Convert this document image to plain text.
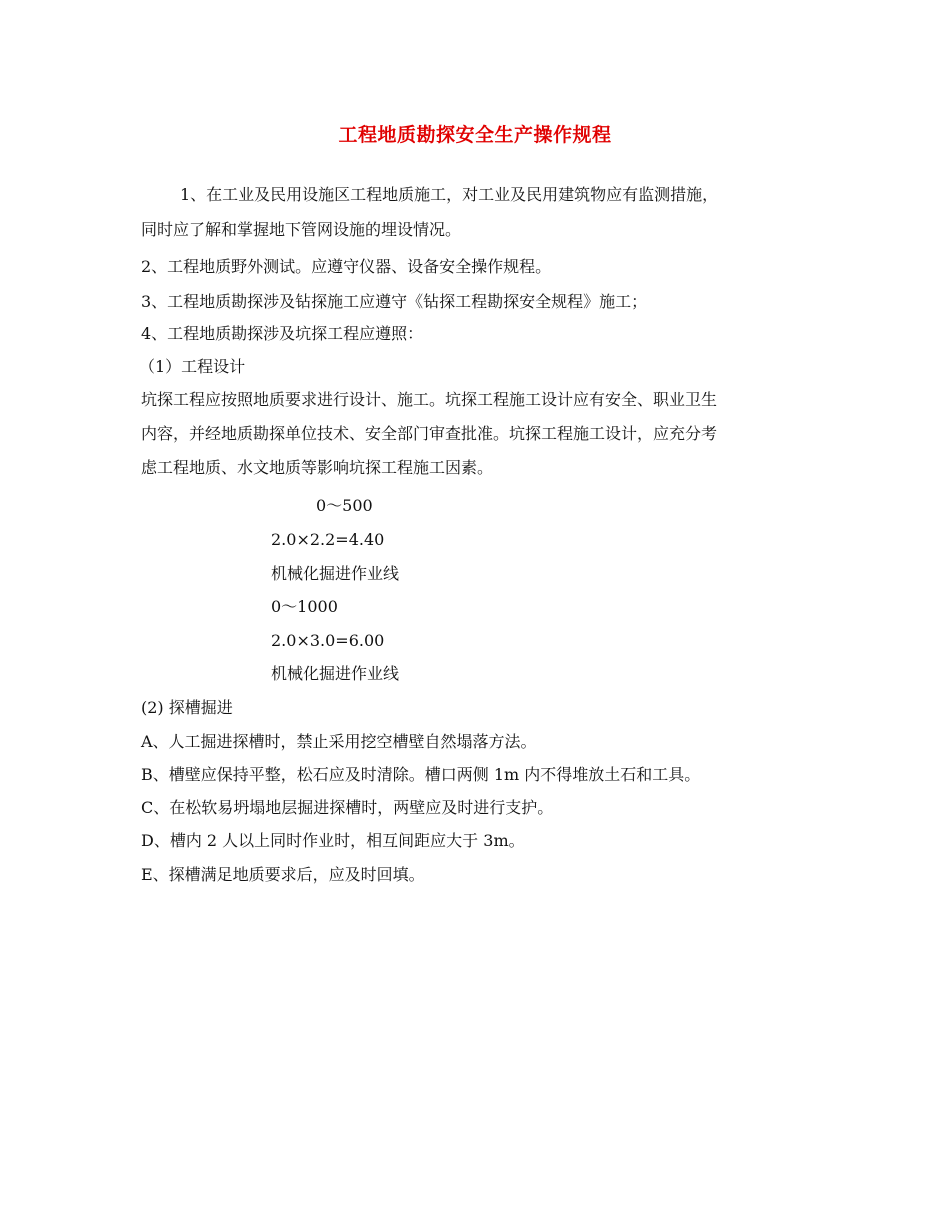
工程地质勘探安全生产操作规程
1、在工业及民用设施区工程地质施工，对工业及民用建筑物应有监测措施，
同时应了解和掌握地下管网设施的埋设情况。
2、工程地质野外测试。应遵守仪器、设备安全操作规程。
3、工程地质勘探涉及钻探施工应遵守《钻探工程勘探安全规程》施工；
4、工程地质勘探涉及坑探工程应遵照：
（1）工程设计
坑探工程应按照地质要求进行设计、施工。坑探工程施工设计应有安全、职业卫生
内容，并经地质勘探单位技术、安全部门审查批准。坑探工程施工设计，应充分考
虑工程地质、水文地质等影响坑探工程施工因素。
0～500
2.0×2.2=4.40
机械化掘进作业线
0～1000
2.0×3.0=6.00
机械化掘进作业线
(2) 探槽掘进
A、人工掘进探槽时，禁止采用挖空槽壁自然塌落方法。
B、槽壁应保持平整，松石应及时清除。槽口两侧 1m 内不得堆放土石和工具。
C、在松软易坍塌地层掘进探槽时，两壁应及时进行支护。
D、槽内 2 人以上同时作业时，相互间距应大于 3m。
E、探槽满足地质要求后，应及时回填。
